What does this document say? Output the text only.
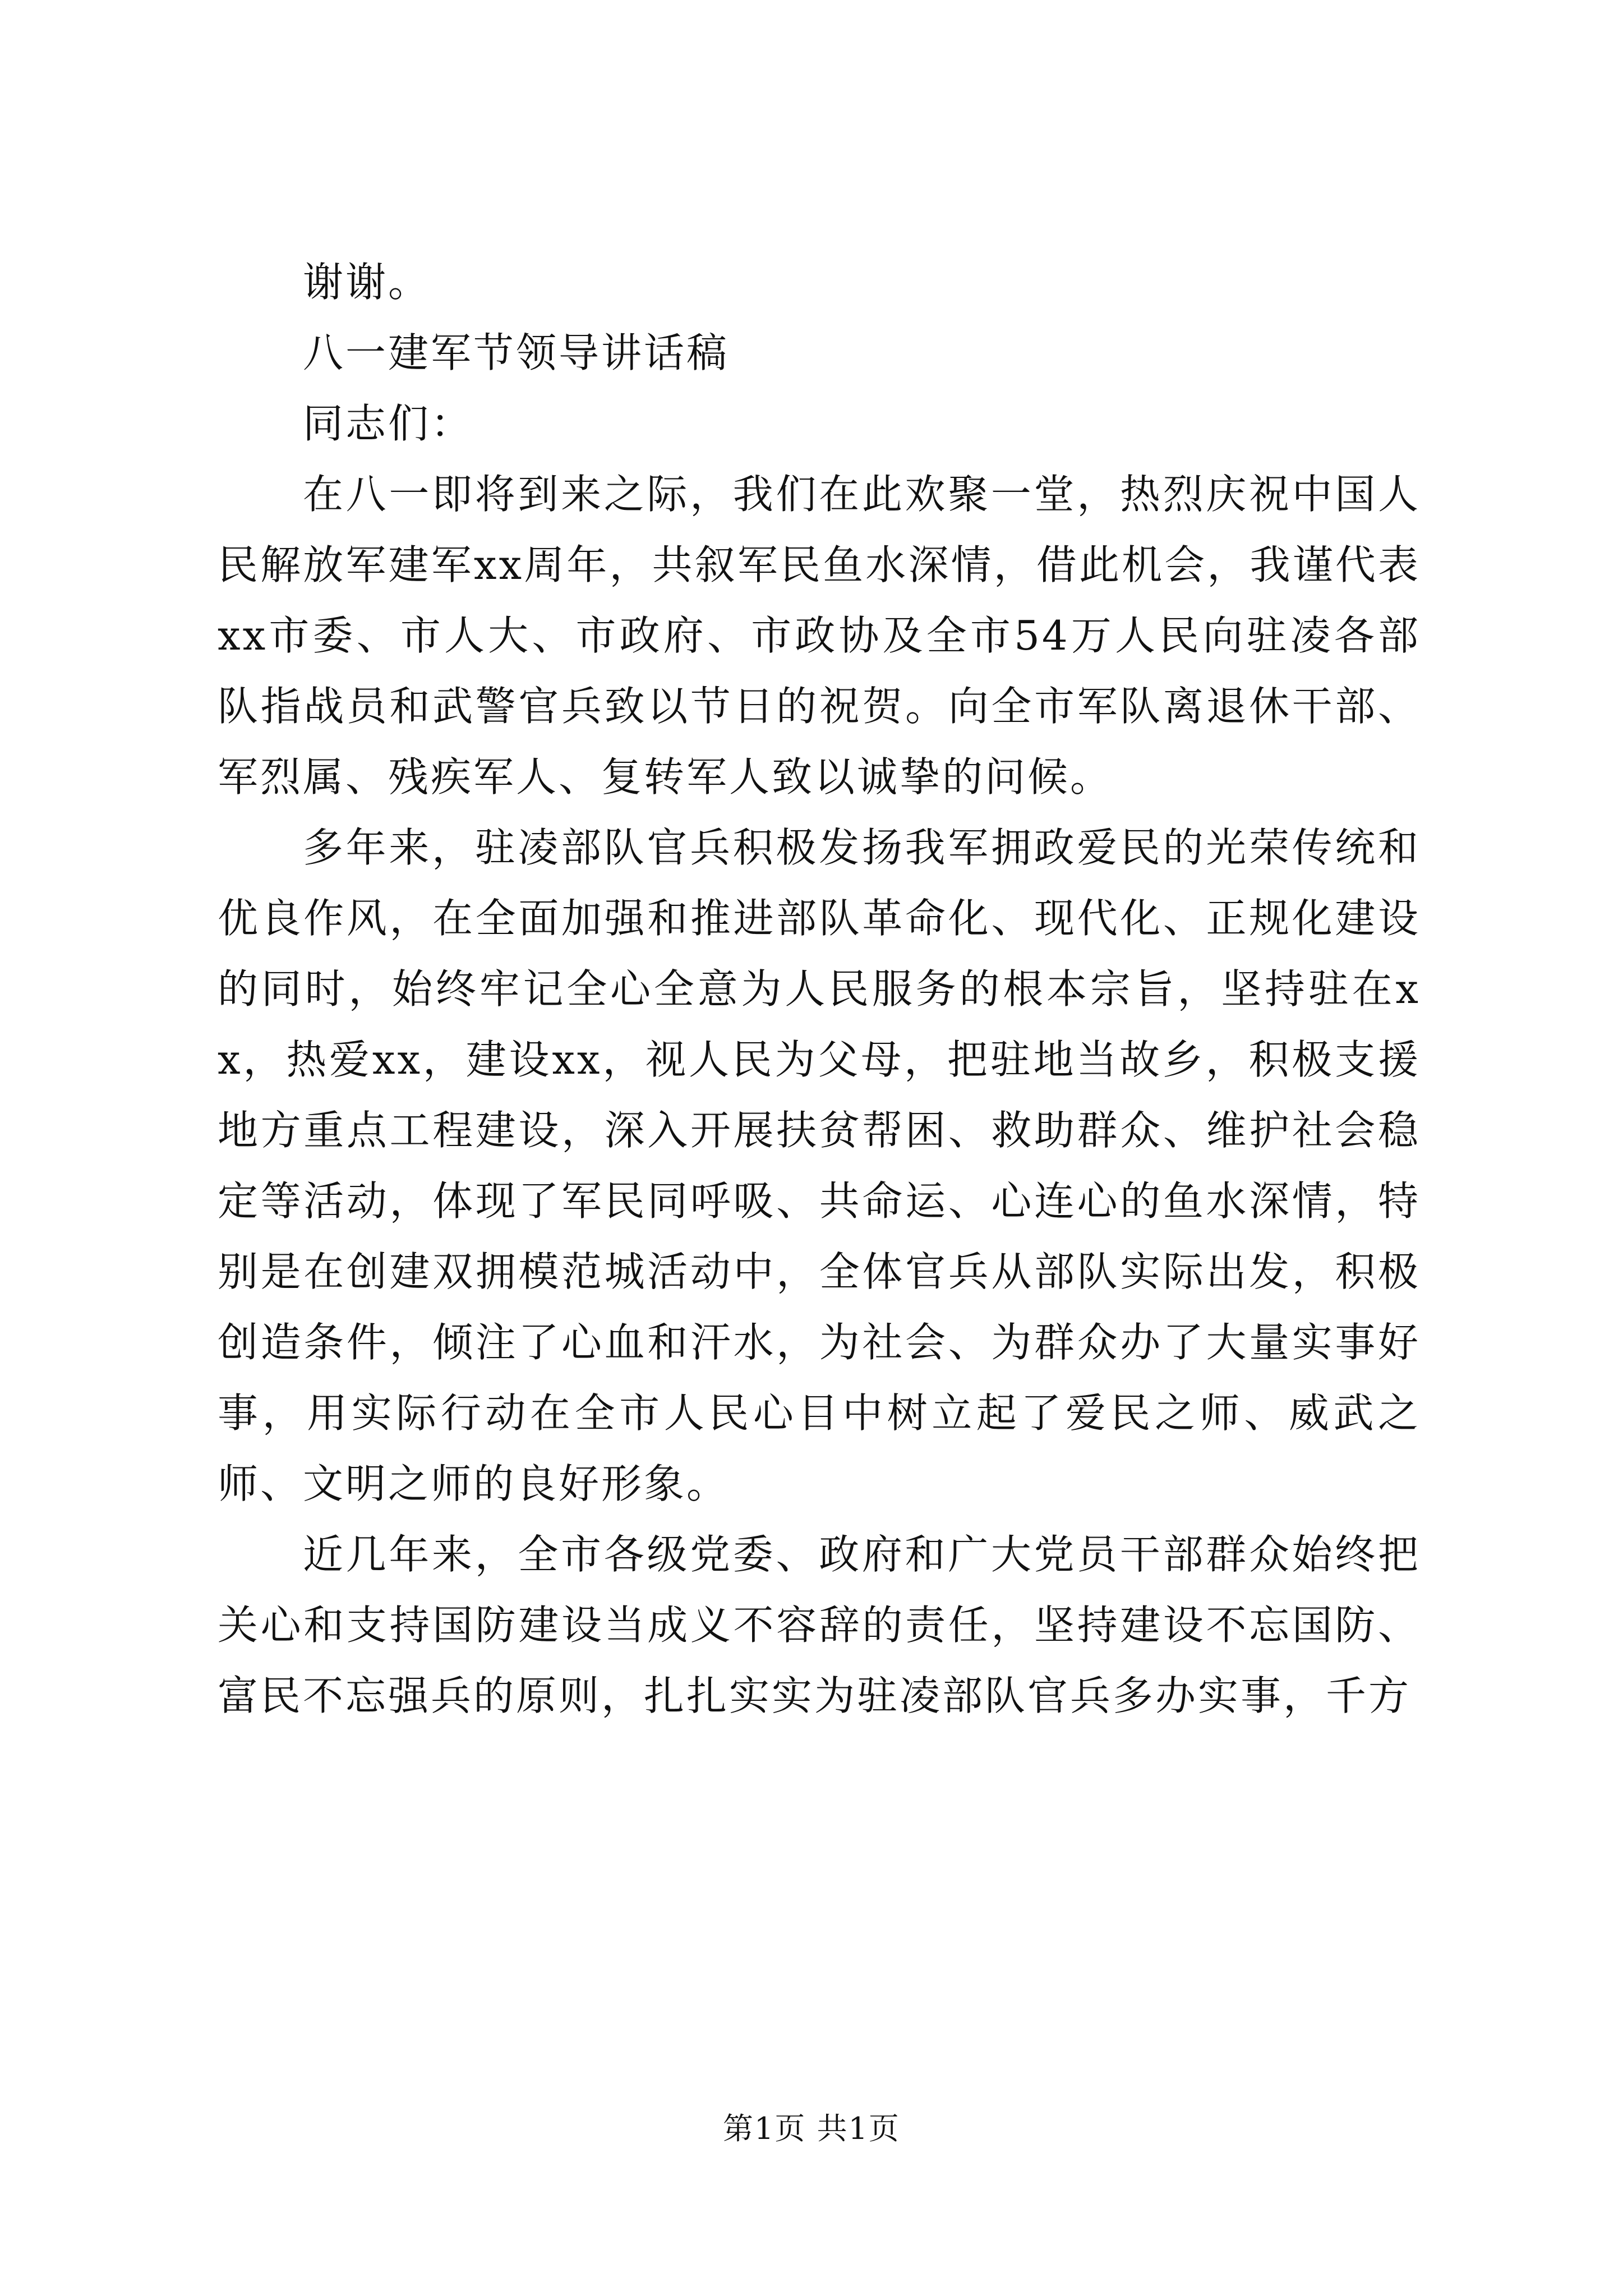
谢谢。

八一建军节领导讲话稿

同志们：

在八一即将到来之际，我们在此欢聚一堂，热烈庆祝中国人民解放军建军xx周年，共叙军民鱼水深情，借此机会，我谨代表xx市委、市人大、市政府、市政协及全市54万人民向驻凌各部队指战员和武警官兵致以节日的祝贺。向全市军队离退休干部、军烈属、残疾军人、复转军人致以诚挚的问候。

多年来，驻凌部队官兵积极发扬我军拥政爱民的光荣传统和优良作风，在全面加强和推进部队革命化、现代化、正规化建设的同时，始终牢记全心全意为人民服务的根本宗旨，坚持驻在xx，热爱xx，建设xx，视人民为父母，把驻地当故乡，积极支援地方重点工程建设，深入开展扶贫帮困、救助群众、维护社会稳定等活动，体现了军民同呼吸、共命运、心连心的鱼水深情，特别是在创建双拥模范城活动中，全体官兵从部队实际出发，积极创造条件，倾注了心血和汗水，为社会、为群众办了大量实事好事，用实际行动在全市人民心目中树立起了爱民之师、威武之师、文明之师的良好形象。

近几年来，全市各级党委、政府和广大党员干部群众始终把关心和支持国防建设当成义不容辞的责任，坚持建设不忘国防、富民不忘强兵的原则，扎扎实实为驻凌部队官兵多办实事，千方

第1页 共1页
